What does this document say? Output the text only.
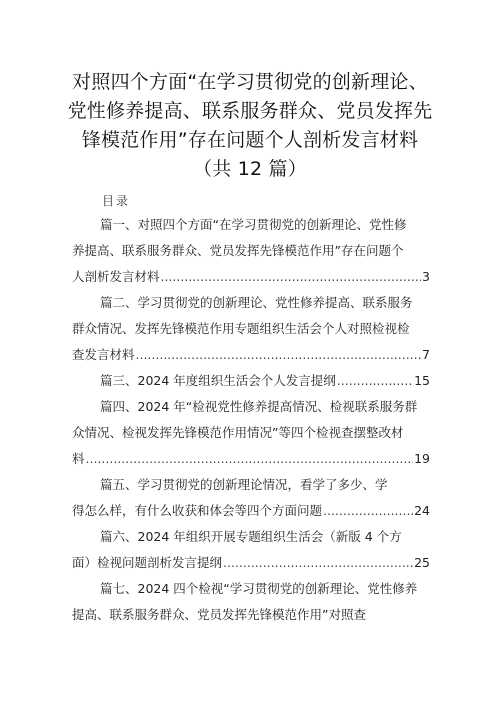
对照四个方面“在学习贯彻党的创新理论、
党性修养提高、联系服务群众、党员发挥先
锋模范作用”存在问题个人剖析发言材料
（共 12 篇）
目录
篇一、对照四个方面“在学习贯彻党的创新理论、党性修
养提高、联系服务群众、党员发挥先锋模范作用”存在问题个
人剖析发言材料 .....	3
篇二、学习贯彻党的创新理论、党性修养提高、联系服务
群众情况、发挥先锋模范作用专题组织生活会个人对照检视检
查发言材料 .....	7
篇三、2024 年度组织生活会个人发言提纲 .....	15
篇四、2024 年“检视党性修养提高情况、检视联系服务群
众情况、检视发挥先锋模范作用情况”等四个检视查摆整改材
料 .....	19
篇五、学习贯彻党的创新理论情况，看学了多少、学
得怎么样，有什么收获和体会等四个方面问题 .....	24
篇六、2024 年组织开展专题组织生活会（新版 4 个方
面）检视问题剖析发言提纲 .....	25
篇七、2024 四个检视“学习贯彻党的创新理论、党性修养
提高、联系服务群众、党员发挥先锋模范作用”对照查
